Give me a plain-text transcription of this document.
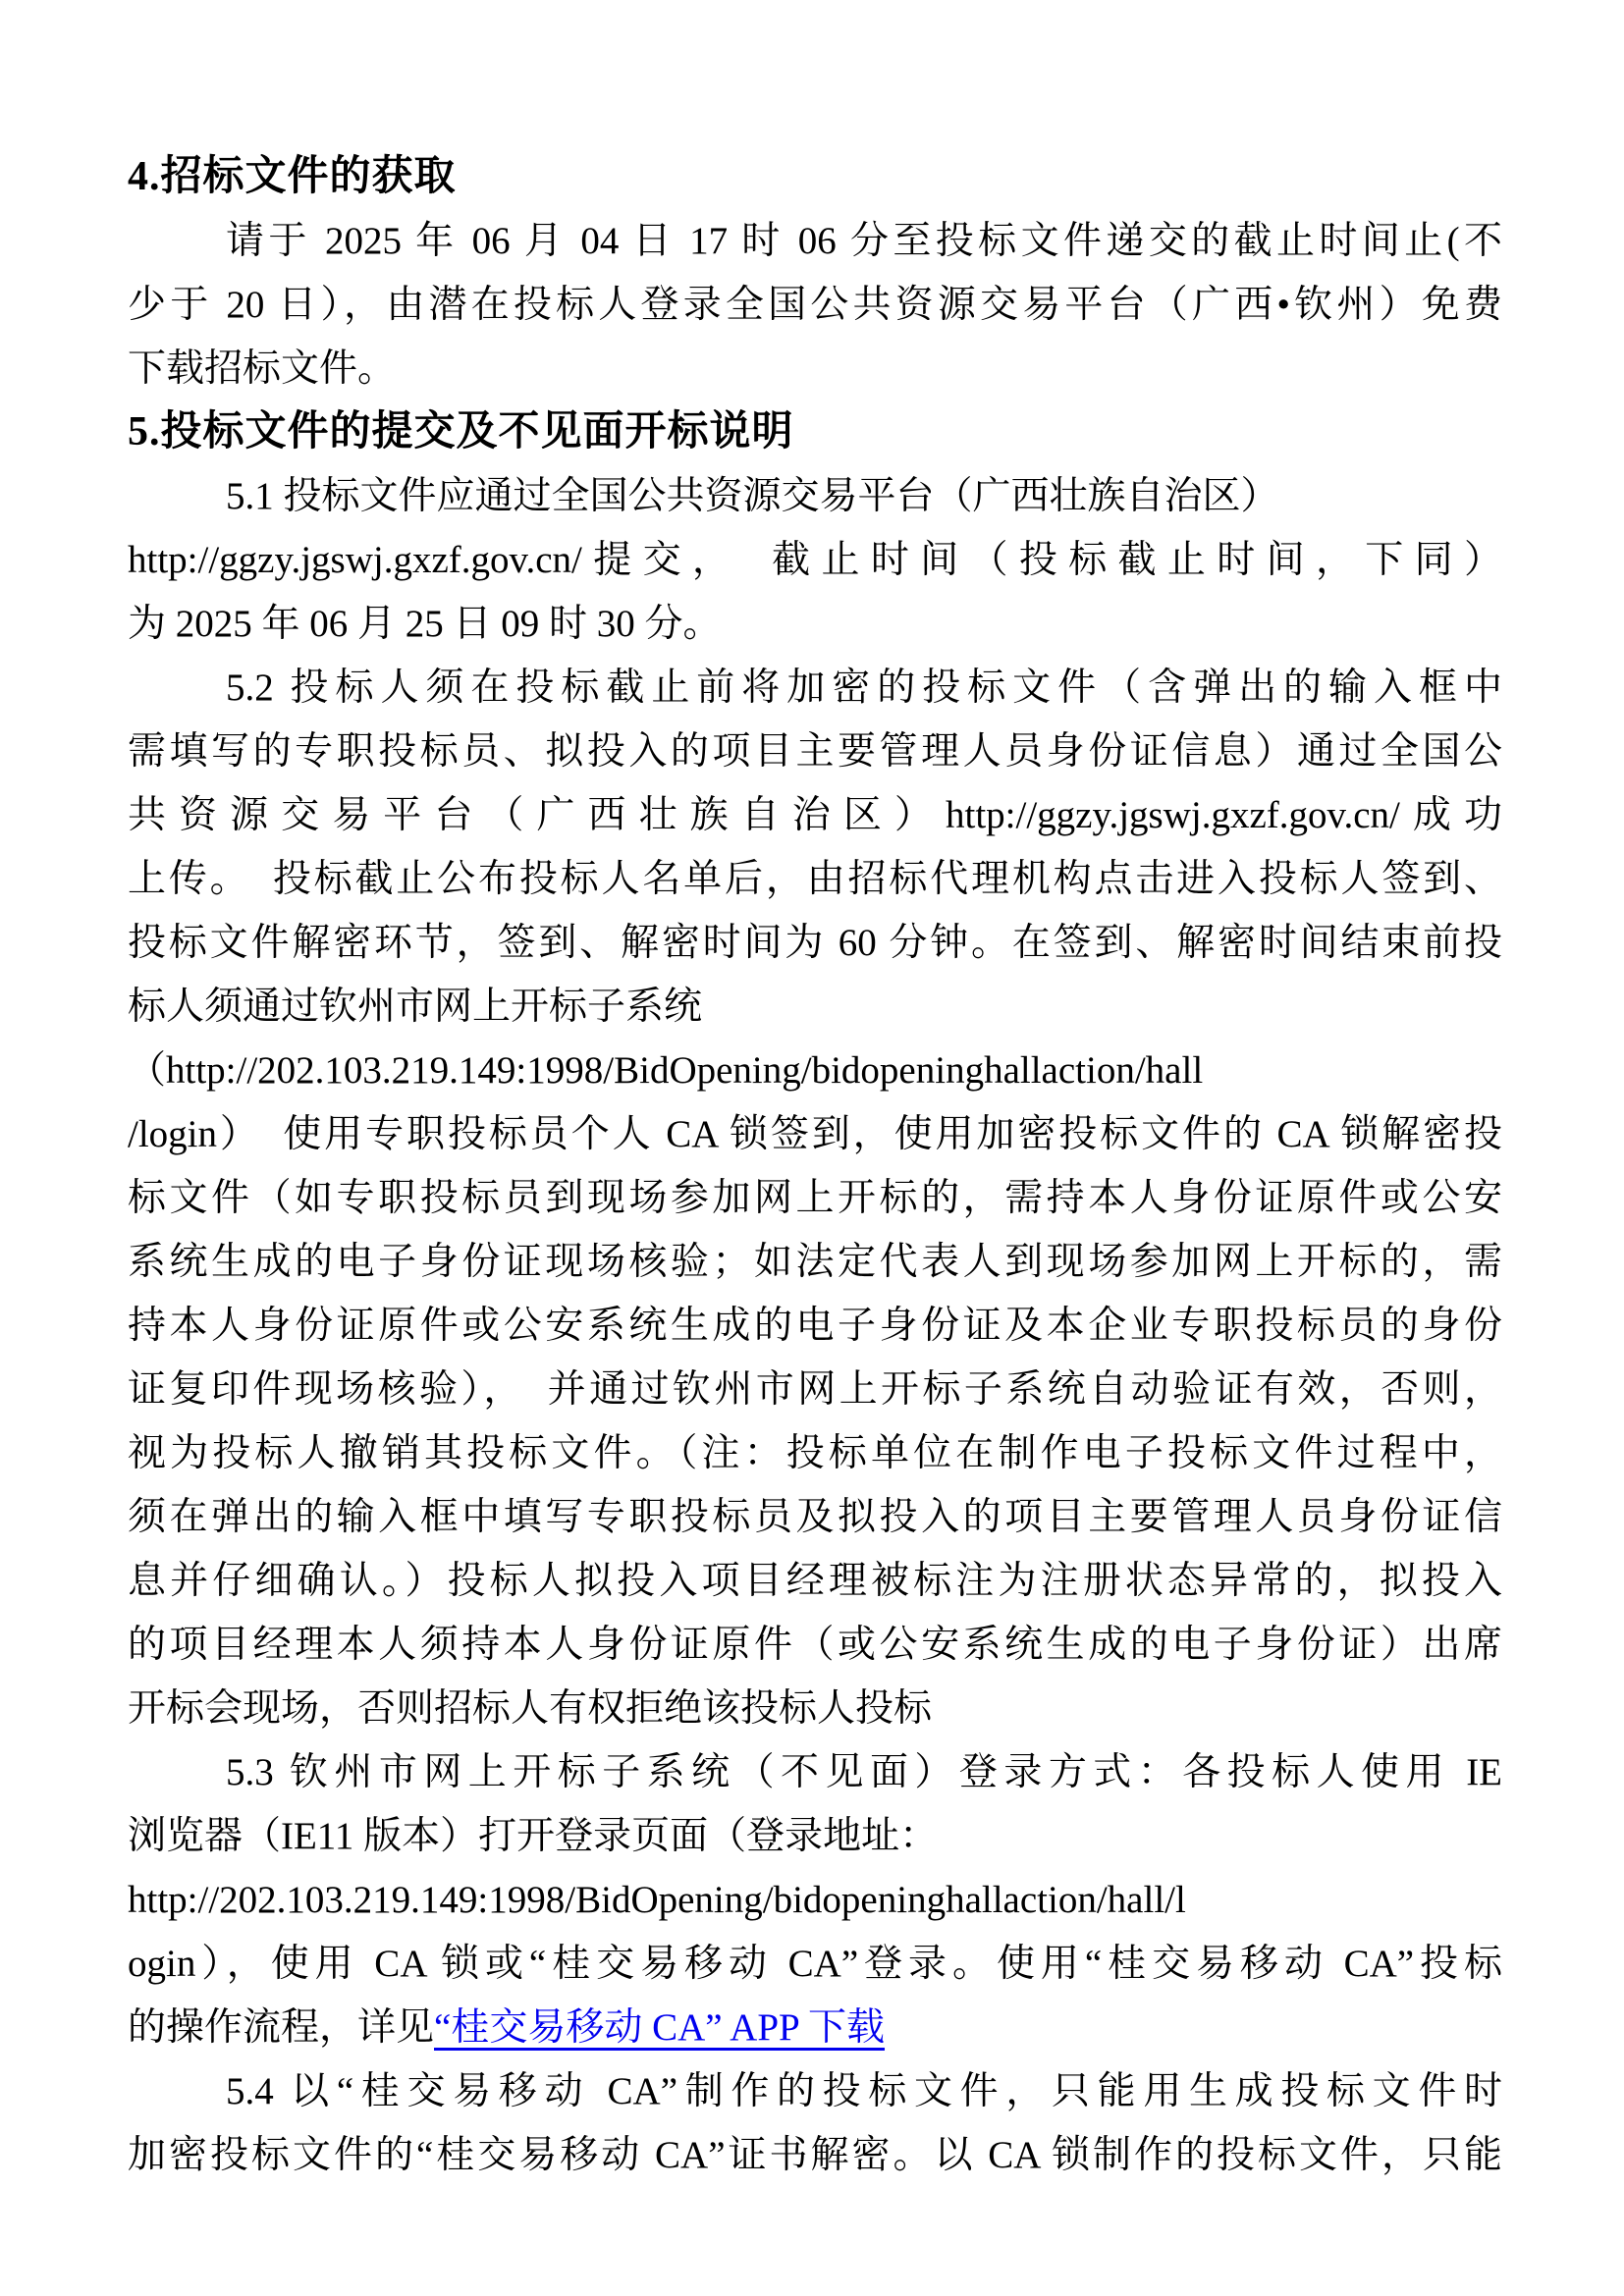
4.招标文件的获取
请于 2025 年 06 月 04 日 17 时 06 分至投标文件递交的截止时间止(不
少于 20 日），由潜在投标人登录全国公共资源交易平台（广西•钦州）免费
下载招标文件。
5.投标文件的提交及不见面开标说明
5.1 投标文件应通过全国公共资源交易平台（广西壮族自治区）
http://ggzy.jgswj.gxzf.gov.cn/提交，　截止时间（投标截止时间，下同）
为 2025 年 06 月 25 日 09 时 30 分。
5.2 投标人须在投标截止前将加密的投标文件（含弹出的输入框中
需填写的专职投标员、拟投入的项目主要管理人员身份证信息）通过全国公
共资源交易平台（广西壮族自治区）http://ggzy.jgswj.gxzf.gov.cn/成功
上传。　投标截止公布投标人名单后，由招标代理机构点击进入投标人签到、
投标文件解密环节，签到、解密时间为 60 分钟。在签到、解密时间结束前投
标人须通过钦州市网上开标子系统
（http://202.103.219.149:1998/BidOpening/bidopeninghallaction/hall
/login）　使用专职投标员个人 CA 锁签到，使用加密投标文件的 CA 锁解密投
标文件（如专职投标员到现场参加网上开标的，需持本人身份证原件或公安
系统生成的电子身份证现场核验；如法定代表人到现场参加网上开标的，需
持本人身份证原件或公安系统生成的电子身份证及本企业专职投标员的身份
证复印件现场核验），　并通过钦州市网上开标子系统自动验证有效，否则，
视为投标人撤销其投标文件。（注：投标单位在制作电子投标文件过程中，
须在弹出的输入框中填写专职投标员及拟投入的项目主要管理人员身份证信
息并仔细确认。）投标人拟投入项目经理被标注为注册状态异常的，拟投入
的项目经理本人须持本人身份证原件（或公安系统生成的电子身份证）出席
开标会现场，否则招标人有权拒绝该投标人投标
5.3 钦州市网上开标子系统（不见面）登录方式：各投标人使用 IE
浏览器（IE11 版本）打开登录页面（登录地址：
http://202.103.219.149:1998/BidOpening/bidopeninghallaction/hall/l
ogin），使用 CA 锁或“桂交易移动 CA”登录。使用“桂交易移动 CA”投标
的操作流程，详见“桂交易移动 CA” APP 下载
5.4 以“桂交易移动 CA”制作的投标文件，只能用生成投标文件时
加密投标文件的“桂交易移动 CA”证书解密。以 CA 锁制作的投标文件，只能
